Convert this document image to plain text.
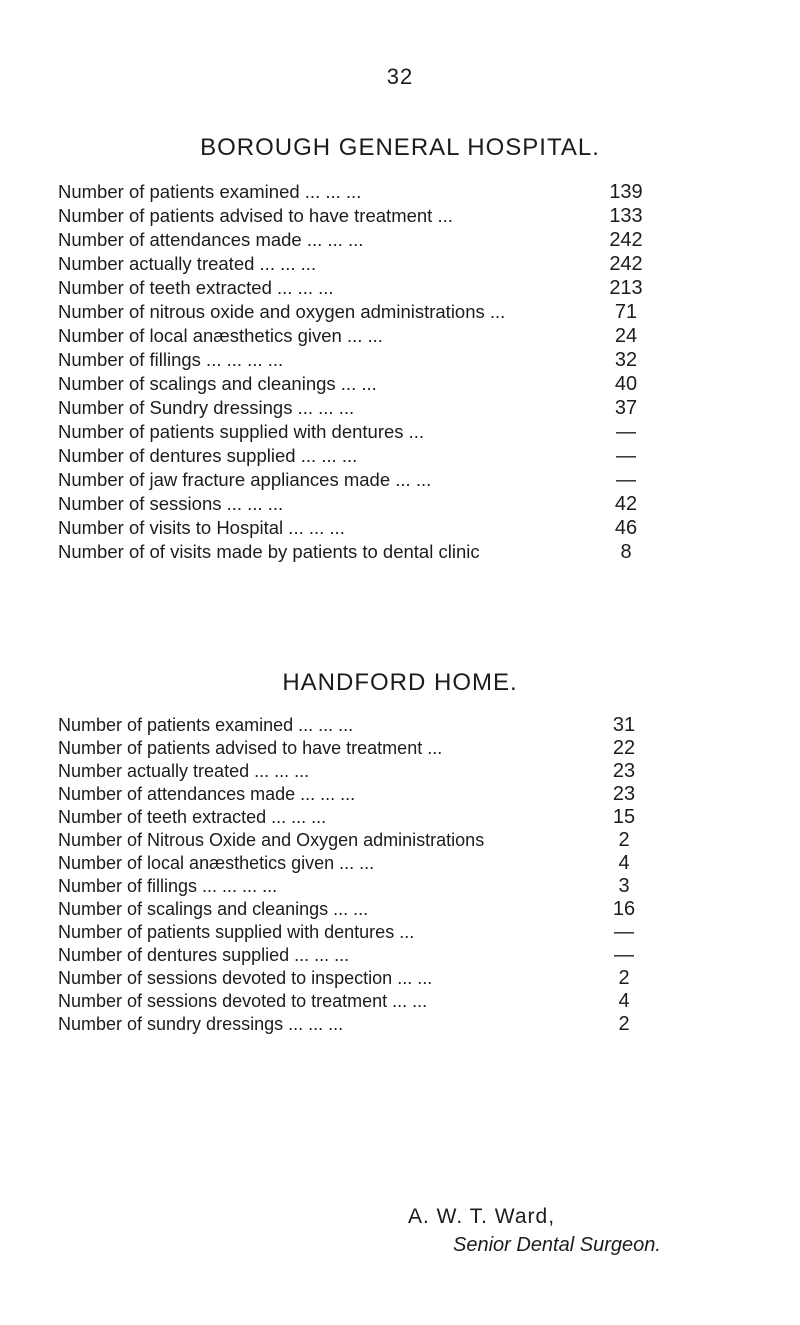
32
BOROUGH GENERAL HOSPITAL.
Number of patients examined ... ... ...	139
Number of patients advised to have treatment ...	133
Number of attendances made ... ... ...	242
Number actually treated ... ... ...	242
Number of teeth extracted ... ... ...	213
Number of nitrous oxide and oxygen administrations ...	71
Number of local anæsthetics given ... ...	24
Number of fillings ... ... ... ...	32
Number of scalings and cleanings ... ...	40
Number of Sundry dressings ... ... ...	37
Number of patients supplied with dentures ...	—
Number of dentures supplied ... ... ...	—
Number of jaw fracture appliances made ... ...	—
Number of sessions ... ... ...	42
Number of visits to Hospital ... ... ...	46
Number of of visits made by patients to dental clinic	8
HANDFORD HOME.
Number of patients examined ... ... ...	31
Number of patients advised to have treatment ...	22
Number actually treated ... ... ...	23
Number of attendances made ... ... ...	23
Number of teeth extracted ... ... ...	15
Number of Nitrous Oxide and Oxygen administrations	2
Number of local anæsthetics given ... ...	4
Number of fillings ... ... ... ...	3
Number of scalings and cleanings ... ...	16
Number of patients supplied with dentures ...	—
Number of dentures supplied ... ... ...	—
Number of sessions devoted to inspection ... ...	2
Number of sessions devoted to treatment ... ...	4
Number of sundry dressings ... ... ...	2
A. W. T. Ward,
Senior Dental Surgeon.
